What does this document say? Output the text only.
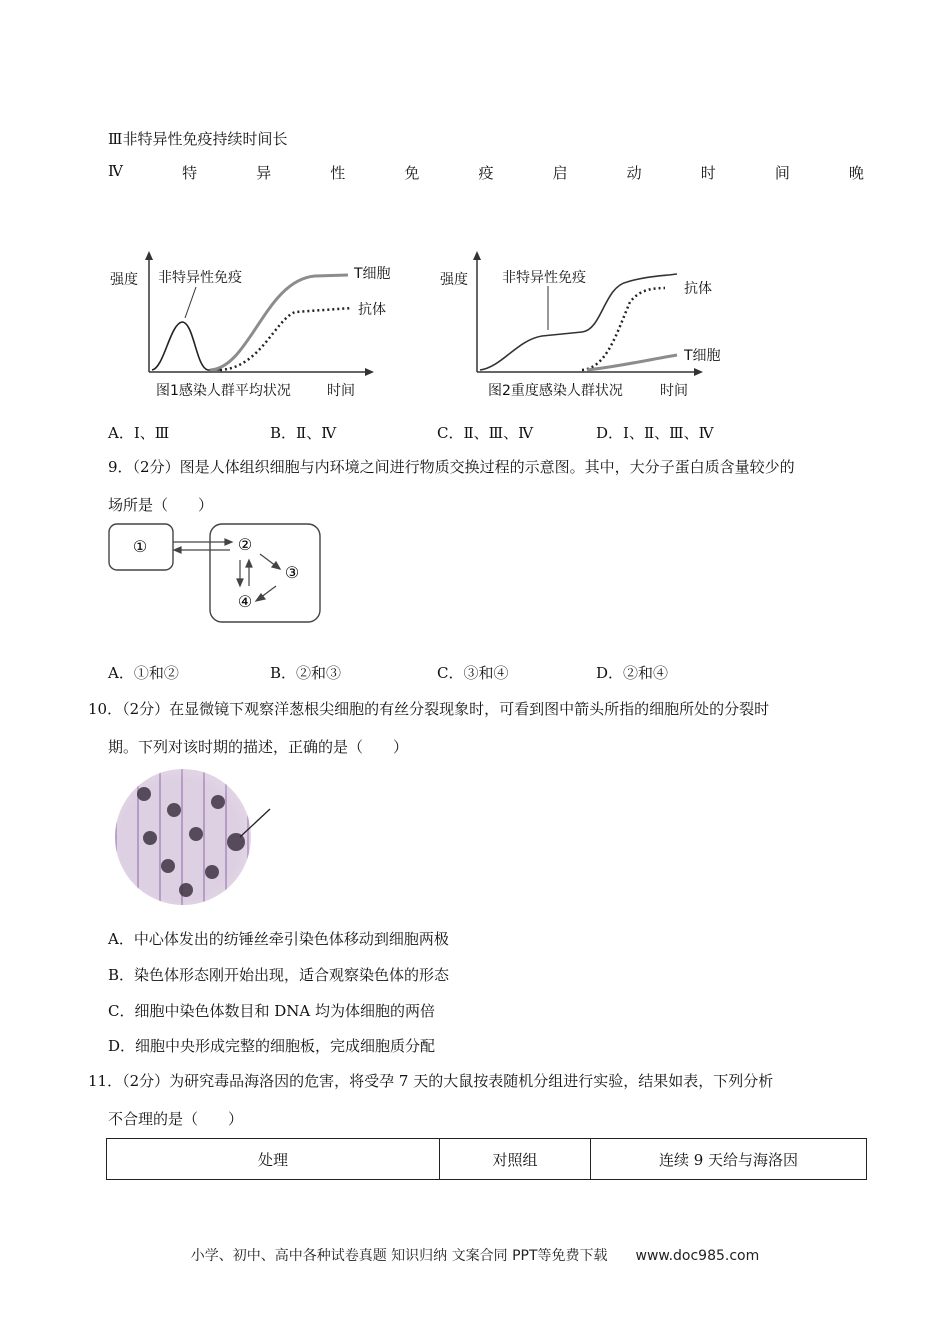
Ⅲ非特异性免疫持续时间长
Ⅳ	特	异	性	免	疫	启	动	时	间	晚
强度 非特异性免疫	T细胞
抗体
图1感染人群平均状况	时间
强度 非特异性免疫
抗体
T细胞
图2重度感染人群状况	时间
A．Ⅰ、Ⅲ	B．Ⅱ、Ⅳ	C．Ⅱ、Ⅲ、Ⅳ	D．Ⅰ、Ⅱ、Ⅲ、Ⅳ
9．（2分）图是人体组织细胞与内环境之间进行物质交换过程的示意图。其中，大分子蛋白质含量较少的
场所是（　　）
①	②
③
④
A．①和②	B．②和③	C．③和④	D．②和④
10．（2分）在显微镜下观察洋葱根尖细胞的有丝分裂现象时，可看到图中箭头所指的细胞所处的分裂时
期。下列对该时期的描述，正确的是（　　）
A．中心体发出的纺锤丝牵引染色体移动到细胞两极
B．染色体形态刚开始出现，适合观察染色体的形态
C．细胞中染色体数目和 DNA 均为体细胞的两倍
D．细胞中央形成完整的细胞板，完成细胞质分配
11．（2分）为研究毒品海洛因的危害，将受孕 7 天的大鼠按表随机分组进行实验，结果如表，下列分析
不合理的是（　　）
处理	对照组	连续 9 天给与海洛因
小学、初中、高中各种试卷真题 知识归纳 文案合同 PPT等免费下载 www.doc985.com
